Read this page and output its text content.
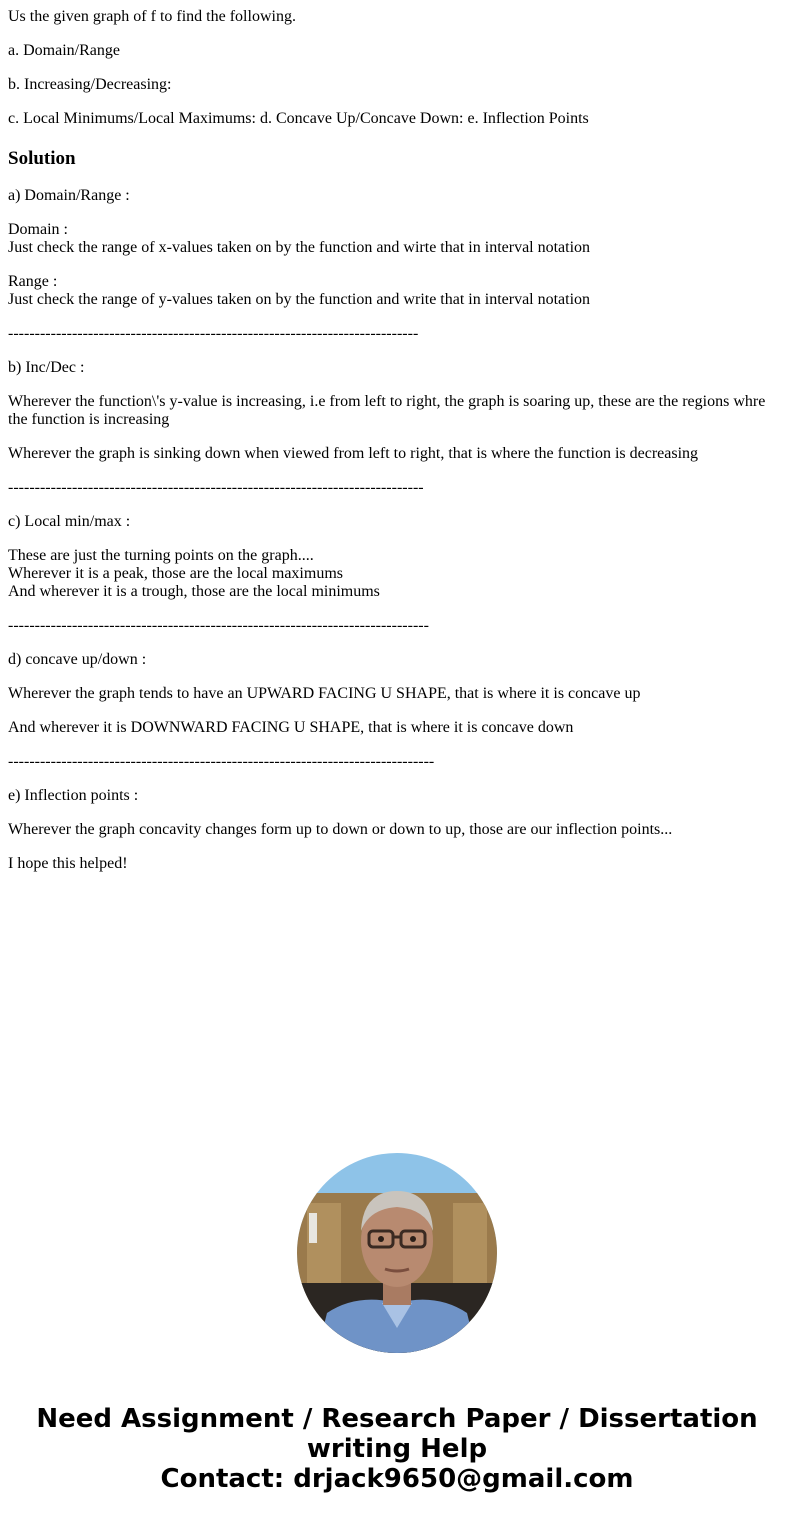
Us the given graph of f to find the following.

a. Domain/Range

b. Increasing/Decreasing:

c. Local Minimums/Local Maximums: d. Concave Up/Concave Down: e. Inflection Points

Solution

a) Domain/Range :

Domain :
Just check the range of x-values taken on by the function and wirte that in interval notation

Range :
Just check the range of y-values taken on by the function and write that in interval notation

-----------------------------------------------------------------------------

b) Inc/Dec :

Wherever the function\'s y-value is increasing, i.e from left to right, the graph is soaring up, these are the regions whre the function is increasing

Wherever the graph is sinking down when viewed from left to right, that is where the function is decreasing

------------------------------------------------------------------------------

c) Local min/max :

These are just the turning points on the graph....
Wherever it is a peak, those are the local maximums
And wherever it is a trough, those are the local minimums

-------------------------------------------------------------------------------

d) concave up/down :

Wherever the graph tends to have an UPWARD FACING U SHAPE, that is where it is concave up

And wherever it is DOWNWARD FACING U SHAPE, that is where it is concave down

--------------------------------------------------------------------------------

e) Inflection points :

Wherever the graph concavity changes form up to down or down to up, those are our inflection points...

I hope this helped!

Need Assignment / Research Paper / Dissertation
writing Help
Contact: drjack9650@gmail.com
